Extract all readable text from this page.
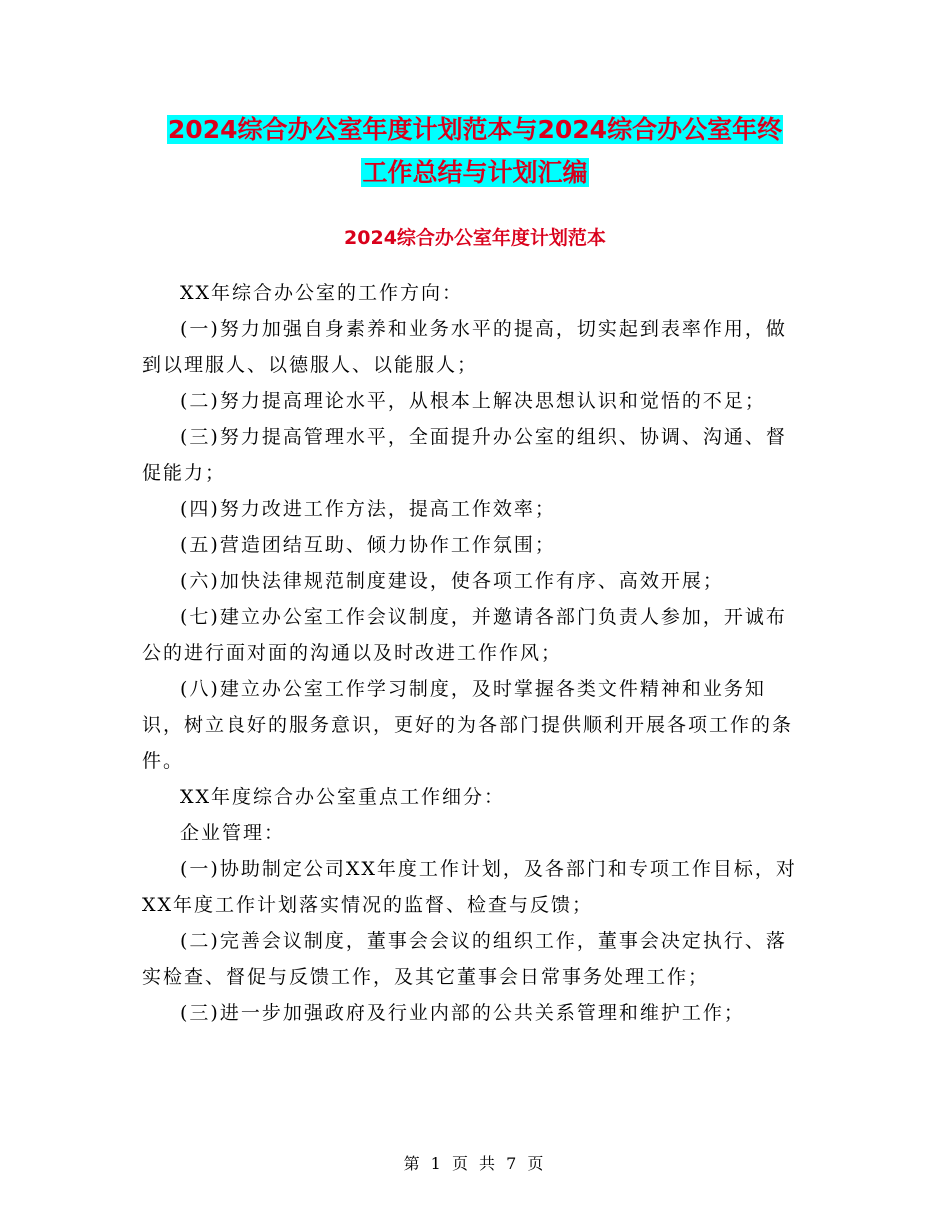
2024综合办公室年度计划范本与2024综合办公室年终
工作总结与计划汇编
2024综合办公室年度计划范本

XX年综合办公室的工作方向：

(一)努力加强自身素养和业务水平的提高，切实起到表率作用，做到以理服人、以德服人、以能服人；

(二)努力提高理论水平，从根本上解决思想认识和觉悟的不足；

(三)努力提高管理水平，全面提升办公室的组织、协调、沟通、督促能力；

(四)努力改进工作方法，提高工作效率；

(五)营造团结互助、倾力协作工作氛围；

(六)加快法律规范制度建设，使各项工作有序、高效开展；

(七)建立办公室工作会议制度，并邀请各部门负责人参加，开诚布公的进行面对面的沟通以及时改进工作作风；

(八)建立办公室工作学习制度，及时掌握各类文件精神和业务知识，树立良好的服务意识，更好的为各部门提供顺利开展各项工作的条件。

XX年度综合办公室重点工作细分：

企业管理：

(一)协助制定公司XX年度工作计划，及各部门和专项工作目标，对XX年度工作计划落实情况的监督、检查与反馈；

(二)完善会议制度，董事会会议的组织工作，董事会决定执行、落实检查、督促与反馈工作，及其它董事会日常事务处理工作；

(三)进一步加强政府及行业内部的公共关系管理和维护工作；

第 1 页 共 7 页
